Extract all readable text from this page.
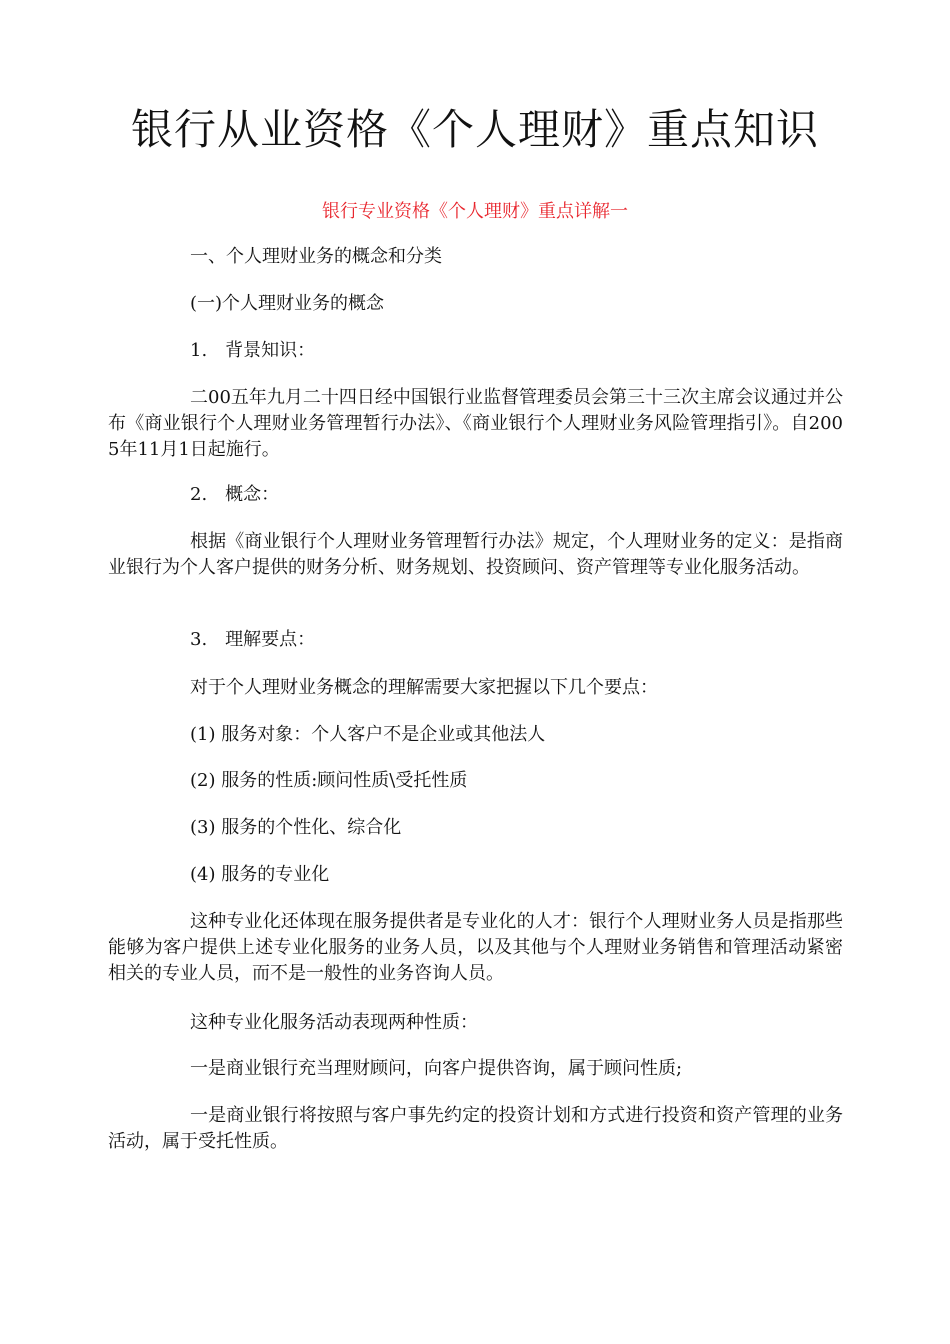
银行从业资格《个人理财》重点知识
银行专业资格《个人理财》重点详解一

一、个人理财业务的概念和分类

(一)个人理财业务的概念

1.　背景知识：

二00五年九月二十四日经中国银行业监督管理委员会第三十三次主席会议通过并公布《商业银行个人理财业务管理暂行办法》、《商业银行个人理财业务风险管理指引》。自2005年11月1日起施行。

2.　概念：

根据《商业银行个人理财业务管理暂行办法》规定，个人理财业务的定义：是指商业银行为个人客户提供的财务分析、财务规划、投资顾问、资产管理等专业化服务活动。

3.　理解要点：

对于个人理财业务概念的理解需要大家把握以下几个要点：

(1) 服务对象：个人客户不是企业或其他法人

(2) 服务的性质:顾问性质\受托性质

(3) 服务的个性化、综合化

(4) 服务的专业化

这种专业化还体现在服务提供者是专业化的人才：银行个人理财业务人员是指那些能够为客户提供上述专业化服务的业务人员，以及其他与个人理财业务销售和管理活动紧密相关的专业人员，而不是一般性的业务咨询人员。

这种专业化服务活动表现两种性质：

一是商业银行充当理财顾问，向客户提供咨询，属于顾问性质;

一是商业银行将按照与客户事先约定的投资计划和方式进行投资和资产管理的业务活动，属于受托性质。
